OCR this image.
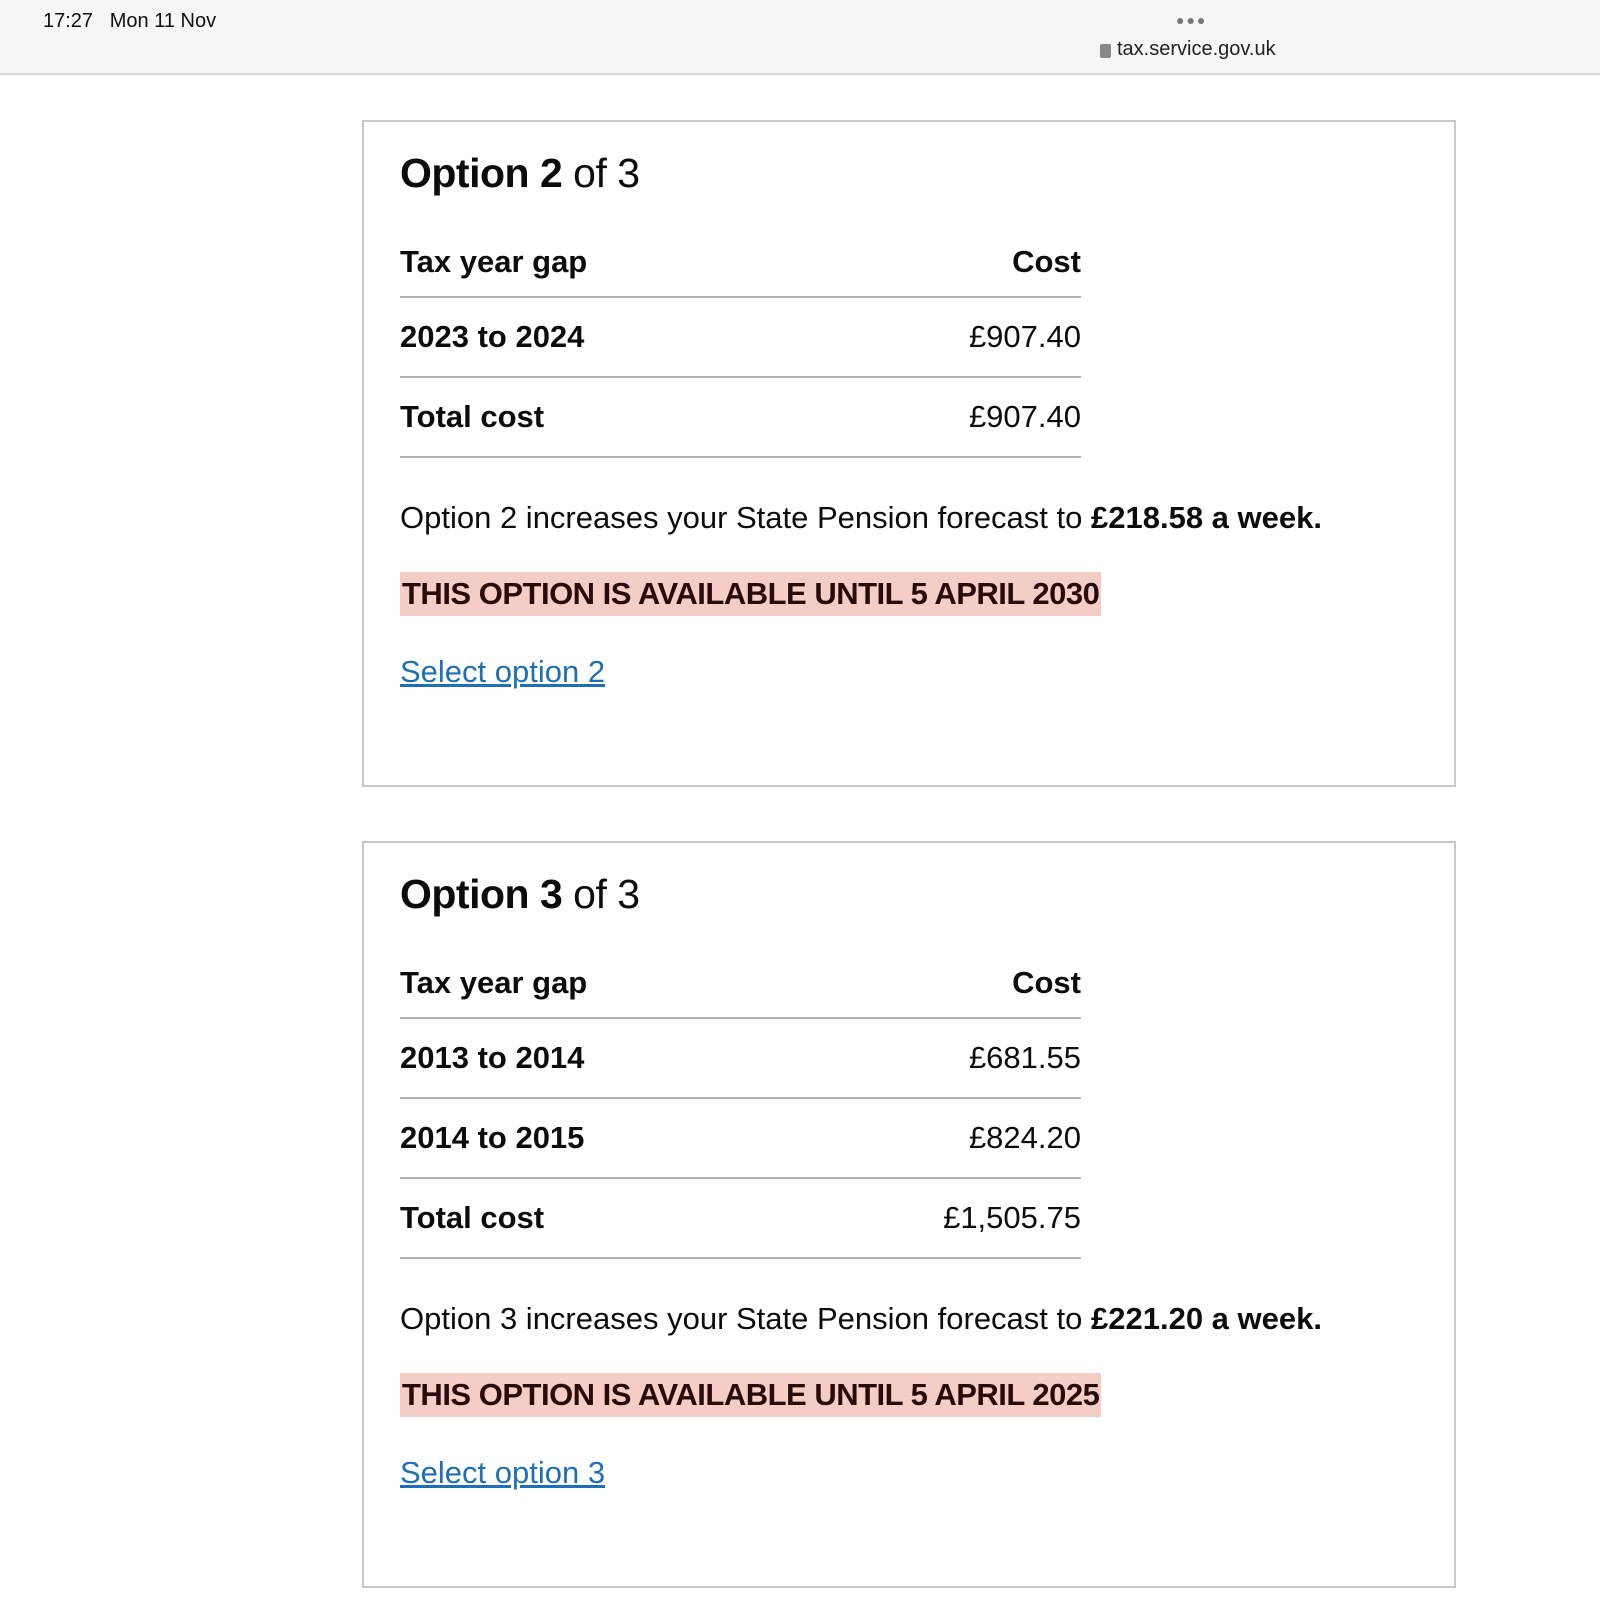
17:27 Mon 11 Nov	●●●
tax.service.gov.uk
Option 2 of 3
Tax year gap	Cost
2023 to 2024	£907.40
Total cost	£907.40

Option 2 increases your State Pension forecast to £218.58 a week.

THIS OPTION IS AVAILABLE UNTIL 5 APRIL 2030
Select option 2
Option 3 of 3
Tax year gap	Cost
2013 to 2014	£681.55
2014 to 2015	£824.20
Total cost	£1,505.75

Option 3 increases your State Pension forecast to £221.20 a week.

THIS OPTION IS AVAILABLE UNTIL 5 APRIL 2025
Select option 3
